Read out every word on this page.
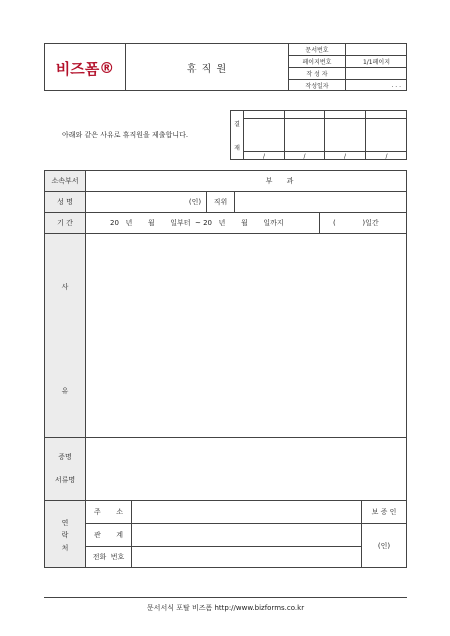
비즈폼 ®	휴 직 원
문서번호
페이지번호	1/1페이지
작 성 자
작성일자	. . .
아래와 같은 사유로 휴직원을 제출합니다.
결
재
/	/	/	/
소속부서	부	과
성 명	(인)	직위
기 간	20   년       월       일부터  ~ 20   년       월       일까지	(            )일간
사
유
증명
서류명
연
락
처
주       소
관       계
전화  번호
보 증 인
(인)
문서서식 포탈 비즈폼 http://www.bizforms.co.kr
